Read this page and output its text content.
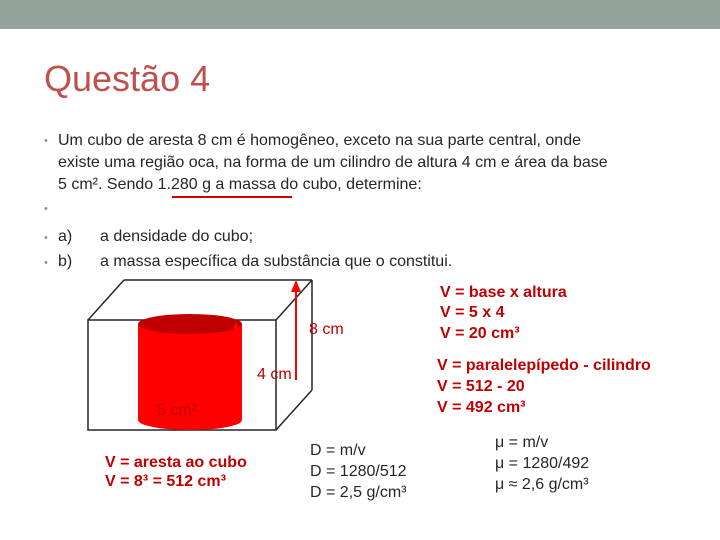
Questão 4
• Um cubo de aresta 8 cm é homogêneo, exceto na sua parte central, onde
existe uma região oca, na forma de um cilindro de altura 4 cm e área da base
5 cm². Sendo 1.280 g a massa do cubo, determine:
•
• a) a densidade do cubo;
• b) a massa específica da substância que o constitui.
8 cm
4 cm
5 cm²
V = aresta ao cubo
V = 8³ = 512 cm³
V = base x altura
V = 5 x 4
V = 20 cm³
V = paralelepípedo - cilindro
V = 512 - 20
V = 492 cm³
D = m/v
D = 1280/512
D = 2,5 g/cm³
μ = m/v
μ = 1280/492
μ ≈ 2,6 g/cm³
